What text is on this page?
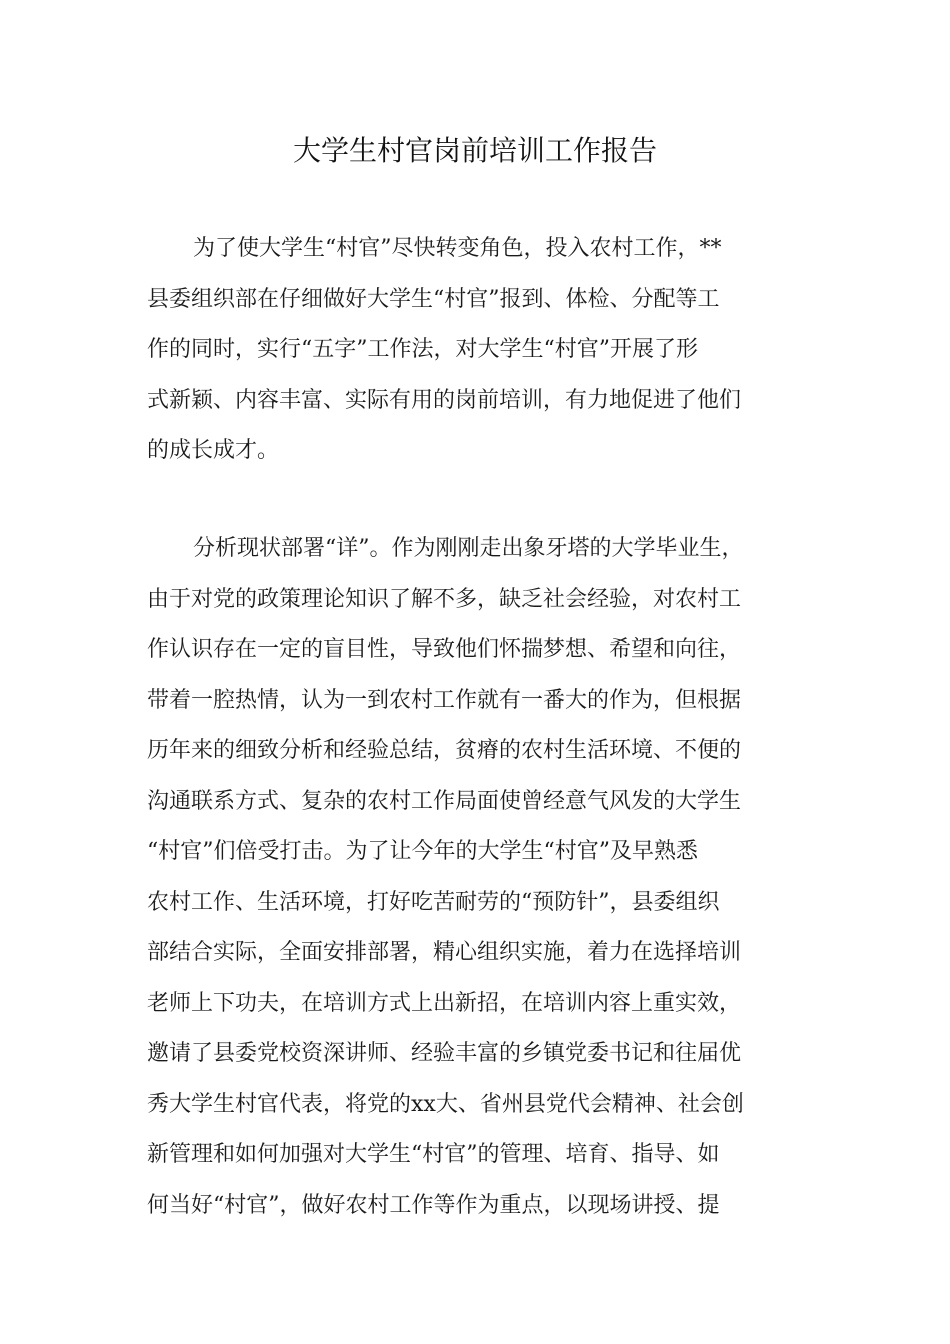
大学生村官岗前培训工作报告

为了使大学生“村官”尽快转变角色，投入农村工作，**
县委组织部在仔细做好大学生“村官”报到、体检、分配等工
作的同时，实行“五字”工作法，对大学生“村官”开展了形
式新颖、内容丰富、实际有用的岗前培训，有力地促进了他们
的成长成才。

分析现状部署“详”。作为刚刚走出象牙塔的大学毕业生，
由于对党的政策理论知识了解不多，缺乏社会经验，对农村工
作认识存在一定的盲目性，导致他们怀揣梦想、希望和向往，
带着一腔热情，认为一到农村工作就有一番大的作为，但根据
历年来的细致分析和经验总结，贫瘠的农村生活环境、不便的
沟通联系方式、复杂的农村工作局面使曾经意气风发的大学生
“村官”们倍受打击。为了让今年的大学生“村官”及早熟悉
农村工作、生活环境，打好吃苦耐劳的“预防针”，县委组织
部结合实际，全面安排部署，精心组织实施，着力在选择培训
老师上下功夫，在培训方式上出新招，在培训内容上重实效，
邀请了县委党校资深讲师、经验丰富的乡镇党委书记和往届优
秀大学生村官代表，将党的xx大、省州县党代会精神、社会创
新管理和如何加强对大学生“村官”的管理、培育、指导、如
何当好“村官”，做好农村工作等作为重点，以现场讲授、提
